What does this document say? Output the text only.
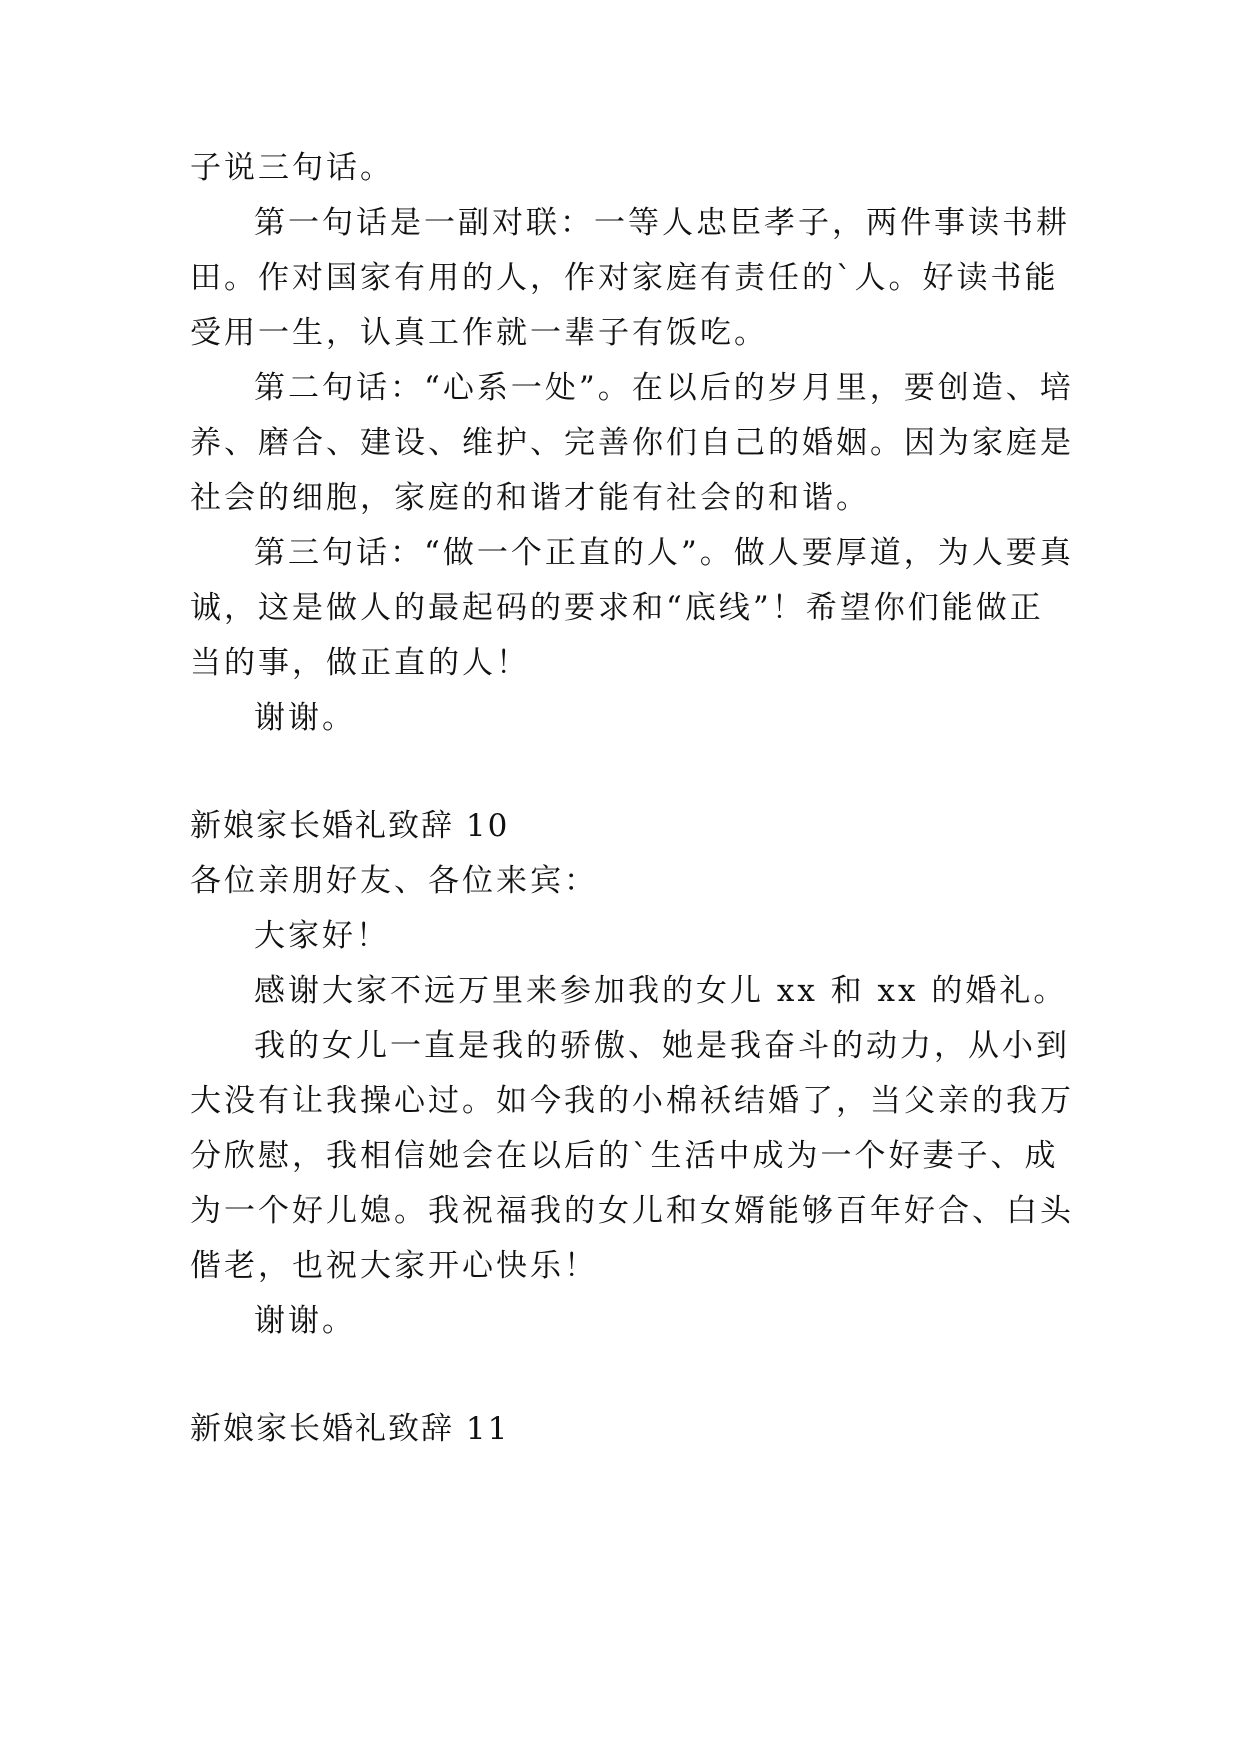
子说三句话。
第一句话是一副对联：一等人忠臣孝子，两件事读书耕
田。作对国家有用的人，作对家庭有责任的`人。好读书能
受用一生，认真工作就一辈子有饭吃。
第二句话：“心系一处”。在以后的岁月里，要创造、培
养、磨合、建设、维护、完善你们自己的婚姻。因为家庭是
社会的细胞，家庭的和谐才能有社会的和谐。
第三句话：“做一个正直的人”。做人要厚道，为人要真
诚，这是做人的最起码的要求和“底线”！希望你们能做正
当的事，做正直的人！
谢谢。
新娘家长婚礼致辞 10
各位亲朋好友、各位来宾：
大家好！
感谢大家不远万里来参加我的女儿 xx 和 xx 的婚礼。
我的女儿一直是我的骄傲、她是我奋斗的动力，从小到
大没有让我操心过。如今我的小棉袄结婚了，当父亲的我万
分欣慰，我相信她会在以后的`生活中成为一个好妻子、成
为一个好儿媳。我祝福我的女儿和女婿能够百年好合、白头
偕老，也祝大家开心快乐！
谢谢。
新娘家长婚礼致辞 11
